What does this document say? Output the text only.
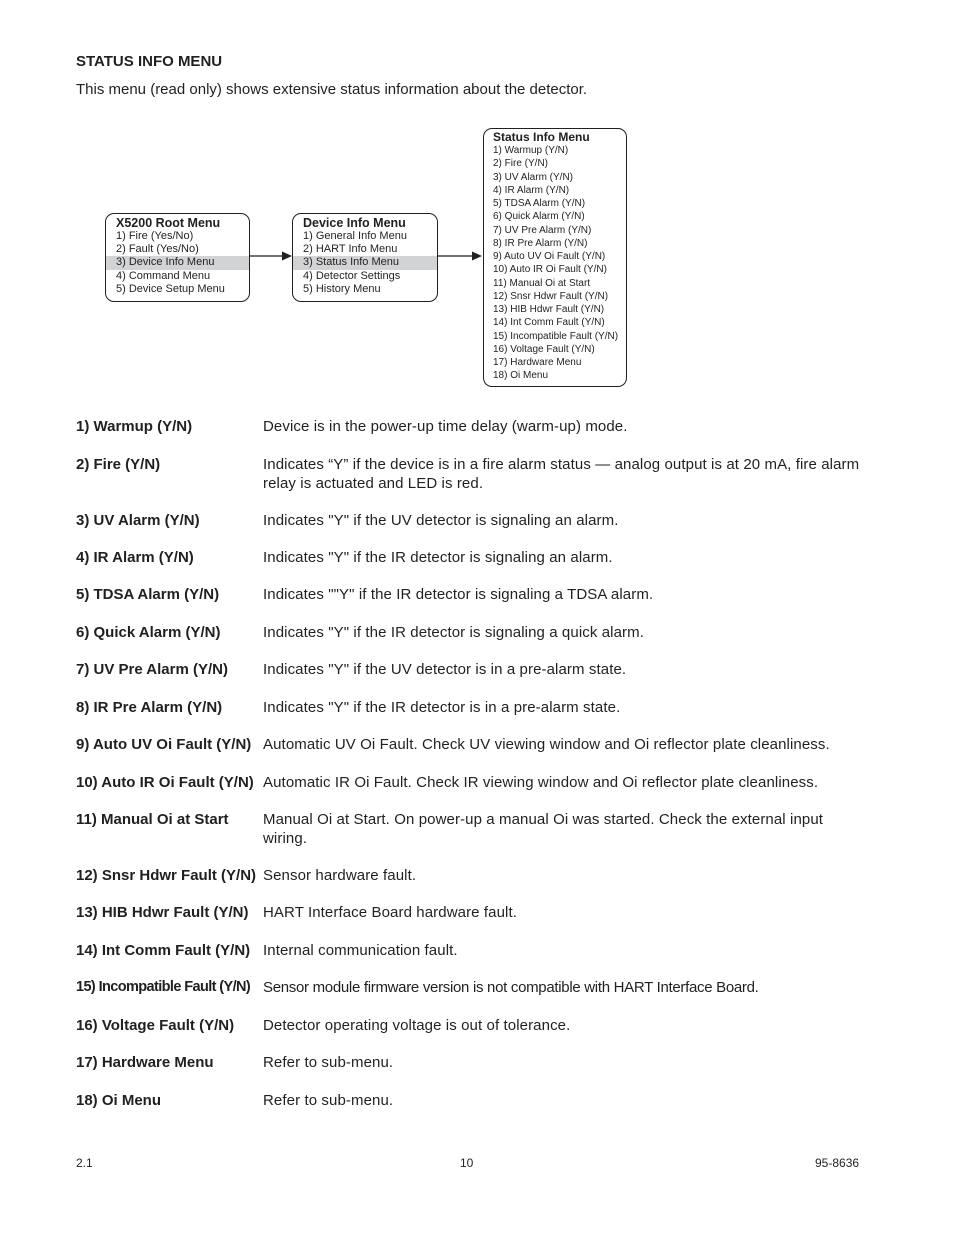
STATUS INFO MENU

This menu (read only) shows extensive status information about the detector.

X5200 Root Menu
1) Fire (Yes/No)
2) Fault (Yes/No)
3) Device Info Menu
4) Command Menu
5) Device Setup Menu
Device Info Menu
1) General Info Menu
2) HART Info Menu
3) Status Info Menu
4) Detector Settings
5) History Menu
Status Info Menu
1) Warmup (Y/N)
2) Fire (Y/N)
3) UV Alarm (Y/N)
4) IR Alarm (Y/N)
5) TDSA Alarm (Y/N)
6) Quick Alarm (Y/N)
7) UV Pre Alarm (Y/N)
8) IR Pre Alarm (Y/N)
9) Auto UV Oi Fault (Y/N)
10) Auto IR Oi Fault (Y/N)
11) Manual Oi at Start
12) Snsr Hdwr Fault (Y/N)
13) HIB Hdwr Fault (Y/N)
14) Int Comm Fault (Y/N)
15) Incompatible Fault (Y/N)
16) Voltage Fault (Y/N)
17) Hardware Menu
18) Oi Menu
1) Warmup (Y/N)	Device is in the power-up time delay (warm-up) mode.
2) Fire (Y/N)	Indicates “Y” if the device is in a fire alarm status — analog output is at 20 mA, fire alarm relay is actuated and LED is red.
3) UV Alarm (Y/N)	Indicates "Y" if the UV detector is signaling an alarm.
4) IR Alarm (Y/N)	Indicates "Y" if the IR detector is signaling an alarm.
5) TDSA Alarm (Y/N)	Indicates ""Y" if the IR detector is signaling a TDSA alarm.
6) Quick Alarm (Y/N)	Indicates "Y" if the IR detector is signaling a quick alarm.
7) UV Pre Alarm (Y/N)	Indicates "Y" if the UV detector is in a pre-alarm state.
8) IR Pre Alarm (Y/N)	Indicates "Y" if the IR detector is in a pre-alarm state.
9) Auto UV Oi Fault (Y/N) Automatic UV Oi Fault. Check UV viewing window and Oi reflector plate cleanliness.
10) Auto IR Oi Fault (Y/N) Automatic IR Oi Fault. Check IR viewing window and Oi reflector plate cleanliness.
11) Manual Oi at Start	Manual Oi at Start. On power-up a manual Oi was started. Check the external input wiring.
12) Snsr Hdwr Fault (Y/N) Sensor hardware fault.
13) HIB Hdwr Fault (Y/N) HART Interface Board hardware fault.
14) Int Comm Fault (Y/N) Internal communication fault.
15) Incompatible Fault (Y/N) Sensor module firmware version is not compatible with HART Interface Board.
16) Voltage Fault (Y/N)	Detector operating voltage is out of tolerance.
17) Hardware Menu	Refer to sub-menu.
18) Oi Menu	Refer to sub-menu.
2.1	10	95-8636
